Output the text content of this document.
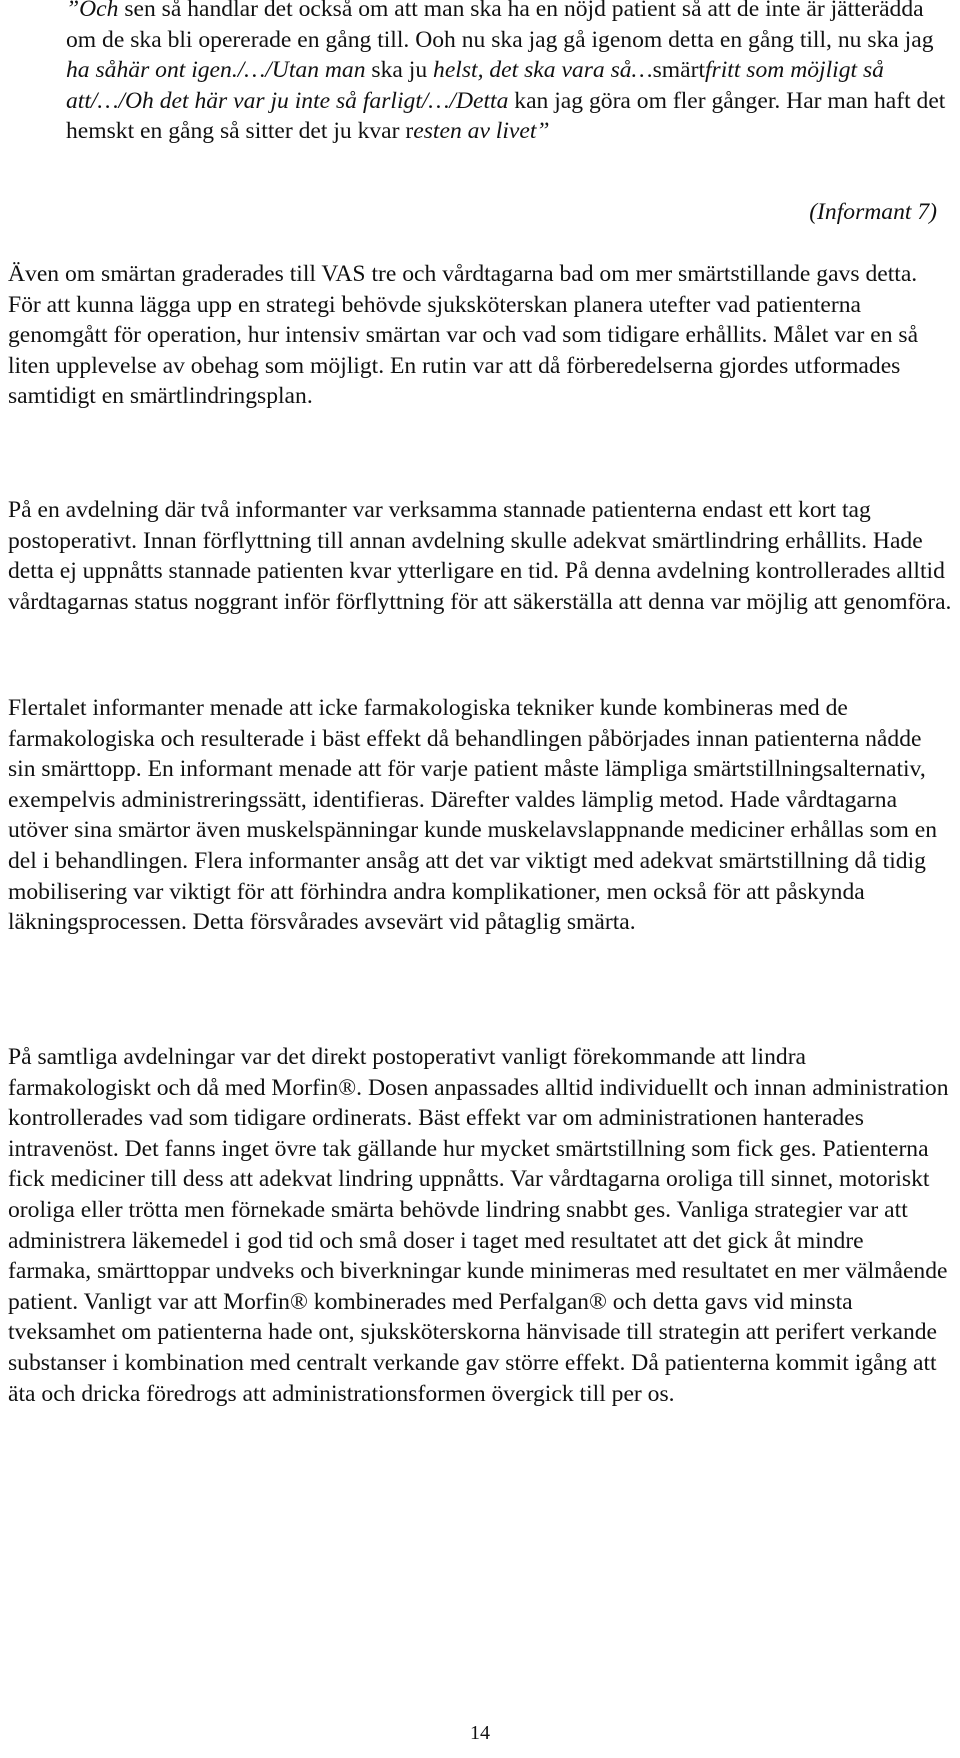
”Och sen så handlar det också om att man ska ha en nöjd patient så att de inte är jätterädda om de ska bli opererade en gång till. Ooh nu ska jag gå igenom detta en gång till, nu ska jag ha såhär ont igen./…/Utan man ska ju helst, det ska vara så…smärtfritt som möjligt så att/…/Oh det här var ju inte så farligt/…/Detta kan jag göra om fler gånger. Har man haft det hemskt en gång så sitter det ju kvar resten av livet”

(Informant 7)

Även om smärtan graderades till VAS tre och vårdtagarna bad om mer smärtstillande gavs detta. För att kunna lägga upp en strategi behövde sjuksköterskan planera utefter vad patienterna genomgått för operation, hur intensiv smärtan var och vad som tidigare erhållits. Målet var en så liten upplevelse av obehag som möjligt. En rutin var att då förberedelserna gjordes utformades samtidigt en smärtlindringsplan.

På en avdelning där två informanter var verksamma stannade patienterna endast ett kort tag postoperativt. Innan förflyttning till annan avdelning skulle adekvat smärtlindring erhållits. Hade detta ej uppnåtts stannade patienten kvar ytterligare en tid. På denna avdelning kontrollerades alltid vårdtagarnas status noggrant inför förflyttning för att säkerställa att denna var möjlig att genomföra.

Flertalet informanter menade att icke farmakologiska tekniker kunde kombineras med de farmakologiska och resulterade i bäst effekt då behandlingen påbörjades innan patienterna nådde sin smärttopp. En informant menade att för varje patient måste lämpliga smärtstillningsalternativ, exempelvis administreringssätt, identifieras. Därefter valdes lämplig metod. Hade vårdtagarna utöver sina smärtor även muskelspänningar kunde muskelavslappnande mediciner erhållas som en del i behandlingen. Flera informanter ansåg att det var viktigt med adekvat smärtstillning då tidig mobilisering var viktigt för att förhindra andra komplikationer, men också för att påskynda läkningsprocessen. Detta försvårades avsevärt vid påtaglig smärta.

På samtliga avdelningar var det direkt postoperativt vanligt förekommande att lindra farmakologiskt och då med Morfin®. Dosen anpassades alltid individuellt och innan administration kontrollerades vad som tidigare ordinerats. Bäst effekt var om administrationen hanterades intravenöst. Det fanns inget övre tak gällande hur mycket smärtstillning som fick ges. Patienterna fick mediciner till dess att adekvat lindring uppnåtts. Var vårdtagarna oroliga till sinnet, motoriskt oroliga eller trötta men förnekade smärta behövde lindring snabbt ges. Vanliga strategier var att administrera läkemedel i god tid och små doser i taget med resultatet att det gick åt mindre farmaka, smärttoppar undveks och biverkningar kunde minimeras med resultatet en mer välmående patient. Vanligt var att Morfin® kombinerades med Perfalgan® och detta gavs vid minsta tveksamhet om patienterna hade ont, sjuksköterskorna hänvisade till strategin att perifert verkande substanser i kombination med centralt verkande gav större effekt. Då patienterna kommit igång att äta och dricka föredrogs att administrationsformen övergick till per os.

14
